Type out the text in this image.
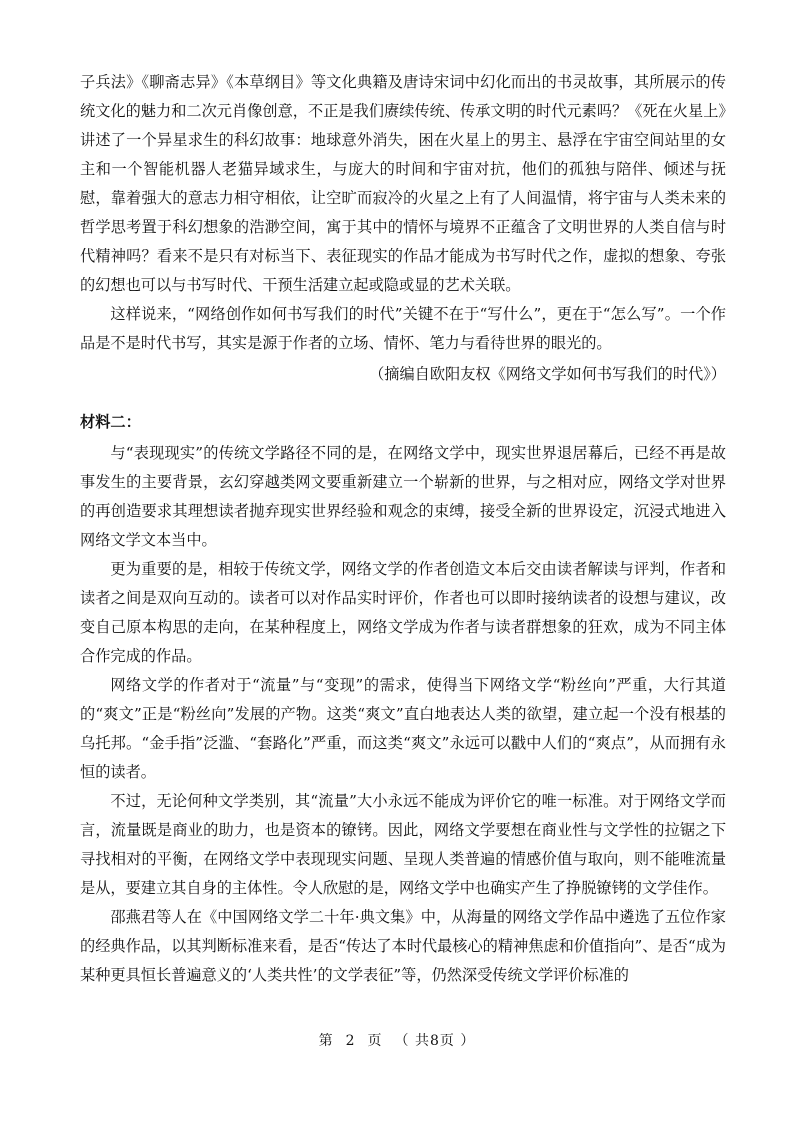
子兵法》《聊斋志异》《本草纲目》等文化典籍及唐诗宋词中幻化而出的书灵故事，其所展示的传统文化的魅力和二次元肖像创意，不正是我们赓续传统、传承文明的时代元素吗？《死在火星上》讲述了一个异星求生的科幻故事：地球意外消失，困在火星上的男主、悬浮在宇宙空间站里的女主和一个智能机器人老猫异域求生，与庞大的时间和宇宙对抗，他们的孤独与陪伴、倾述与抚慰，靠着强大的意志力相守相依，让空旷而寂冷的火星之上有了人间温情，将宇宙与人类未来的哲学思考置于科幻想象的浩渺空间，寓于其中的情怀与境界不正蕴含了文明世界的人类自信与时代精神吗？看来不是只有对标当下、表征现实的作品才能成为书写时代之作，虚拟的想象、夸张的幻想也可以与书写时代、干预生活建立起或隐或显的艺术关联。

这样说来，“网络创作如何书写我们的时代”关键不在于“写什么”，更在于“怎么写”。一个作品是不是时代书写，其实是源于作者的立场、情怀、笔力与看待世界的眼光的。

（摘编自欧阳友权《网络文学如何书写我们的时代》）

材料二：

与“表现现实”的传统文学路径不同的是，在网络文学中，现实世界退居幕后，已经不再是故事发生的主要背景，玄幻穿越类网文要重新建立一个崭新的世界，与之相对应，网络文学对世界的再创造要求其理想读者抛弃现实世界经验和观念的束缚，接受全新的世界设定，沉浸式地进入网络文学文本当中。

更为重要的是，相较于传统文学，网络文学的作者创造文本后交由读者解读与评判，作者和读者之间是双向互动的。读者可以对作品实时评价，作者也可以即时接纳读者的设想与建议，改变自己原本构思的走向，在某种程度上，网络文学成为作者与读者群想象的狂欢，成为不同主体合作完成的作品。

网络文学的作者对于“流量”与“变现”的需求，使得当下网络文学“粉丝向”严重，大行其道的“爽文”正是“粉丝向”发展的产物。这类“爽文”直白地表达人类的欲望，建立起一个没有根基的乌托邦。“金手指”泛滥、“套路化”严重，而这类“爽文”永远可以戳中人们的“爽点”，从而拥有永恒的读者。

不过，无论何种文学类别，其“流量”大小永远不能成为评价它的唯一标准。对于网络文学而言，流量既是商业的助力，也是资本的镣铐。因此，网络文学要想在商业性与文学性的拉锯之下寻找相对的平衡，在网络文学中表现现实问题、呈现人类普遍的情感价值与取向，则不能唯流量是从，要建立其自身的主体性。令人欣慰的是，网络文学中也确实产生了挣脱镣铐的文学佳作。

邵燕君等人在《中国网络文学二十年·典文集》中，从海量的网络文学作品中遴选了五位作家的经典作品，以其判断标准来看，是否“传达了本时代最核心的精神焦虑和价值指向”、是否“成为某种更具恒长普遍意义的‘人类共性’的文学表征”等，仍然深受传统文学评价标准的

第 2 页 （ 共8页 ）
